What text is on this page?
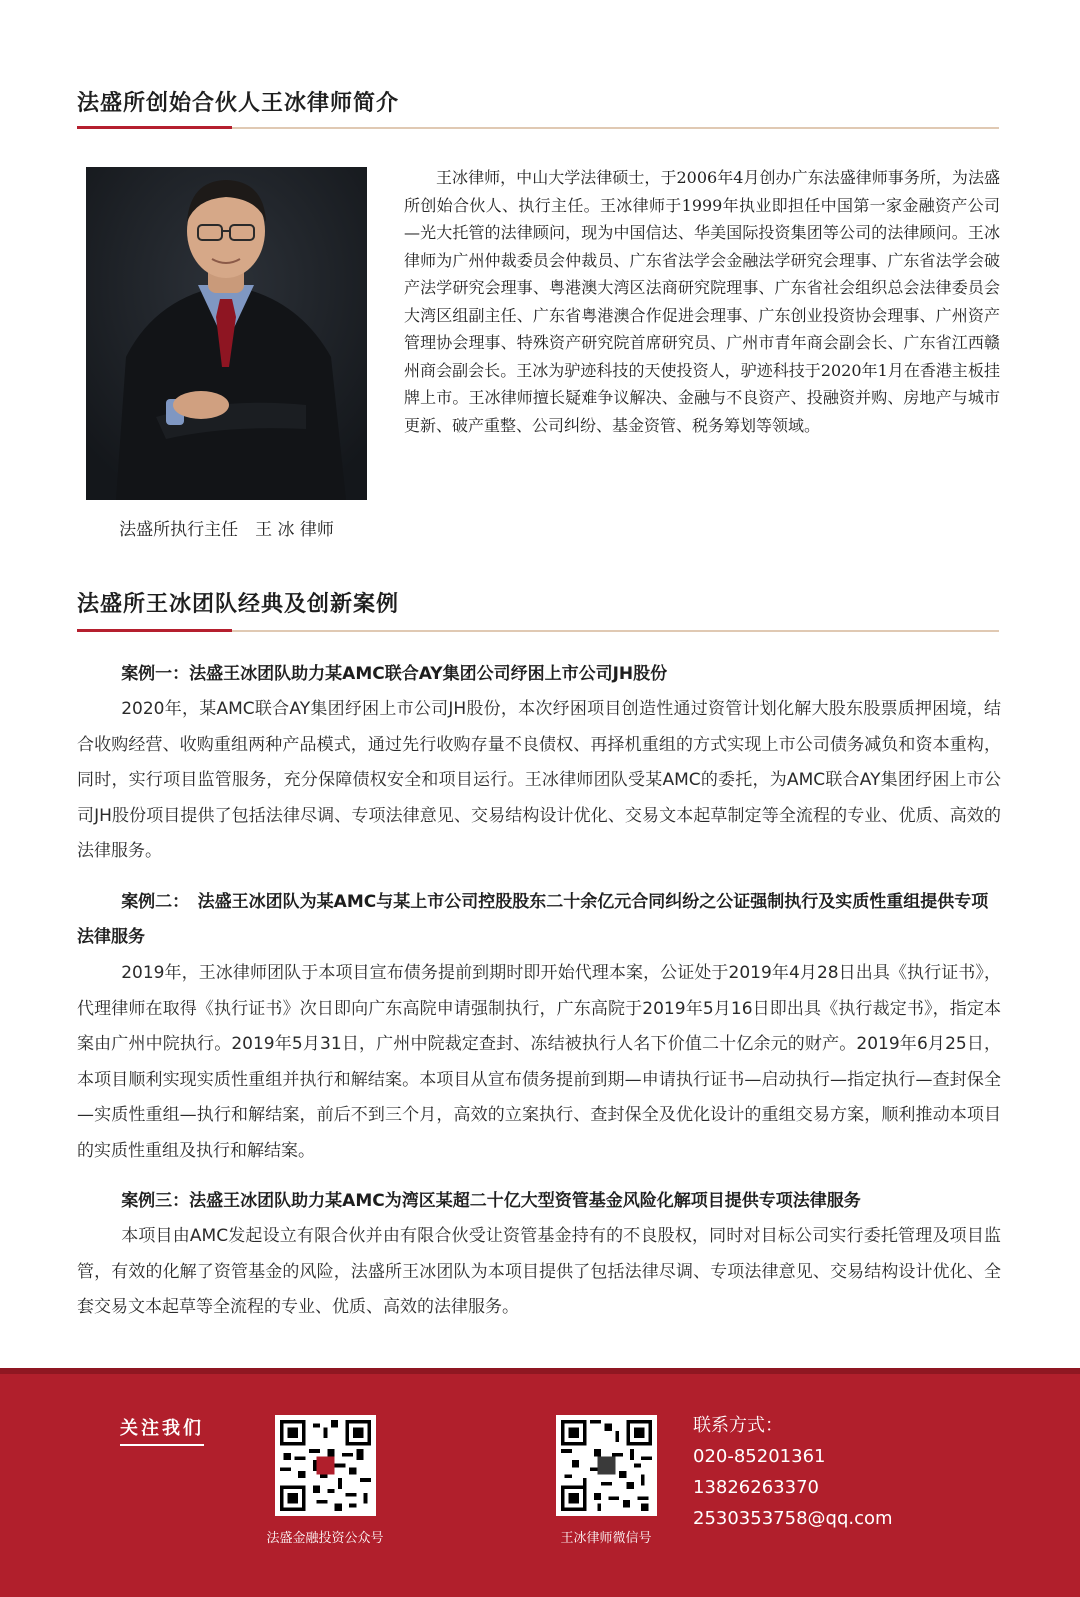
法盛所创始合伙人王冰律师简介
法盛所执行主任　王 冰 律师

王冰律师，中山大学法律硕士，于2006年4月创办广东法盛律师事务所，为法盛所创始合伙人、执行主任。王冰律师于1999年执业即担任中国第一家金融资产公司—光大托管的法律顾问，现为中国信达、华美国际投资集团等公司的法律顾问。王冰律师为广州仲裁委员会仲裁员、广东省法学会金融法学研究会理事、广东省法学会破产法学研究会理事、粤港澳大湾区法商研究院理事、广东省社会组织总会法律委员会大湾区组副主任、广东省粤港澳合作促进会理事、广东创业投资协会理事、广州资产管理协会理事、特殊资产研究院首席研究员、广州市青年商会副会长、广东省江西赣州商会副会长。王冰为驴迹科技的天使投资人，驴迹科技于2020年1月在香港主板挂牌上市。王冰律师擅长疑难争议解决、金融与不良资产、投融资并购、房地产与城市更新、破产重整、公司纠纷、基金资管、税务筹划等领域。

法盛所王冰团队经典及创新案例

案例一：法盛王冰团队助力某AMC联合AY集团公司纾困上市公司JH股份

2020年，某AMC联合AY集团纾困上市公司JH股份，本次纾困项目创造性通过资管计划化解大股东股票质押困境，结合收购经营、收购重组两种产品模式，通过先行收购存量不良债权、再择机重组的方式实现上市公司债务减负和资本重构，同时，实行项目监管服务，充分保障债权安全和项目运行。王冰律师团队受某AMC的委托，为AMC联合AY集团纾困上市公司JH股份项目提供了包括法律尽调、专项法律意见、交易结构设计优化、交易文本起草制定等全流程的专业、优质、高效的法律服务。

案例二：　法盛王冰团队为某AMC与某上市公司控股股东二十余亿元合同纠纷之公证强制执行及实质性重组提供专项法律服务

2019年，王冰律师团队于本项目宣布债务提前到期时即开始代理本案，公证处于2019年4月28日出具《执行证书》，代理律师在取得《执行证书》次日即向广东高院申请强制执行，广东高院于2019年5月16日即出具《执行裁定书》，指定本案由广州中院执行。2019年5月31日，广州中院裁定查封、冻结被执行人名下价值二十亿余元的财产。2019年6月25日，本项目顺利实现实质性重组并执行和解结案。本项目从宣布债务提前到期—申请执行证书—启动执行—指定执行—查封保全—实质性重组—执行和解结案，前后不到三个月，高效的立案执行、查封保全及优化设计的重组交易方案，顺利推动本项目的实质性重组及执行和解结案。

案例三：法盛王冰团队助力某AMC为湾区某超二十亿大型资管基金风险化解项目提供专项法律服务

本项目由AMC发起设立有限合伙并由有限合伙受让资管基金持有的不良股权，同时对目标公司实行委托管理及项目监管，有效的化解了资管基金的风险，法盛所王冰团队为本项目提供了包括法律尽调、专项法律意见、交易结构设计优化、全套交易文本起草等全流程的专业、优质、高效的法律服务。

关注我们
法盛金融投资公众号	王冰律师微信号
联系方式：
020-85201361
13826263370
2530353758@qq.com
